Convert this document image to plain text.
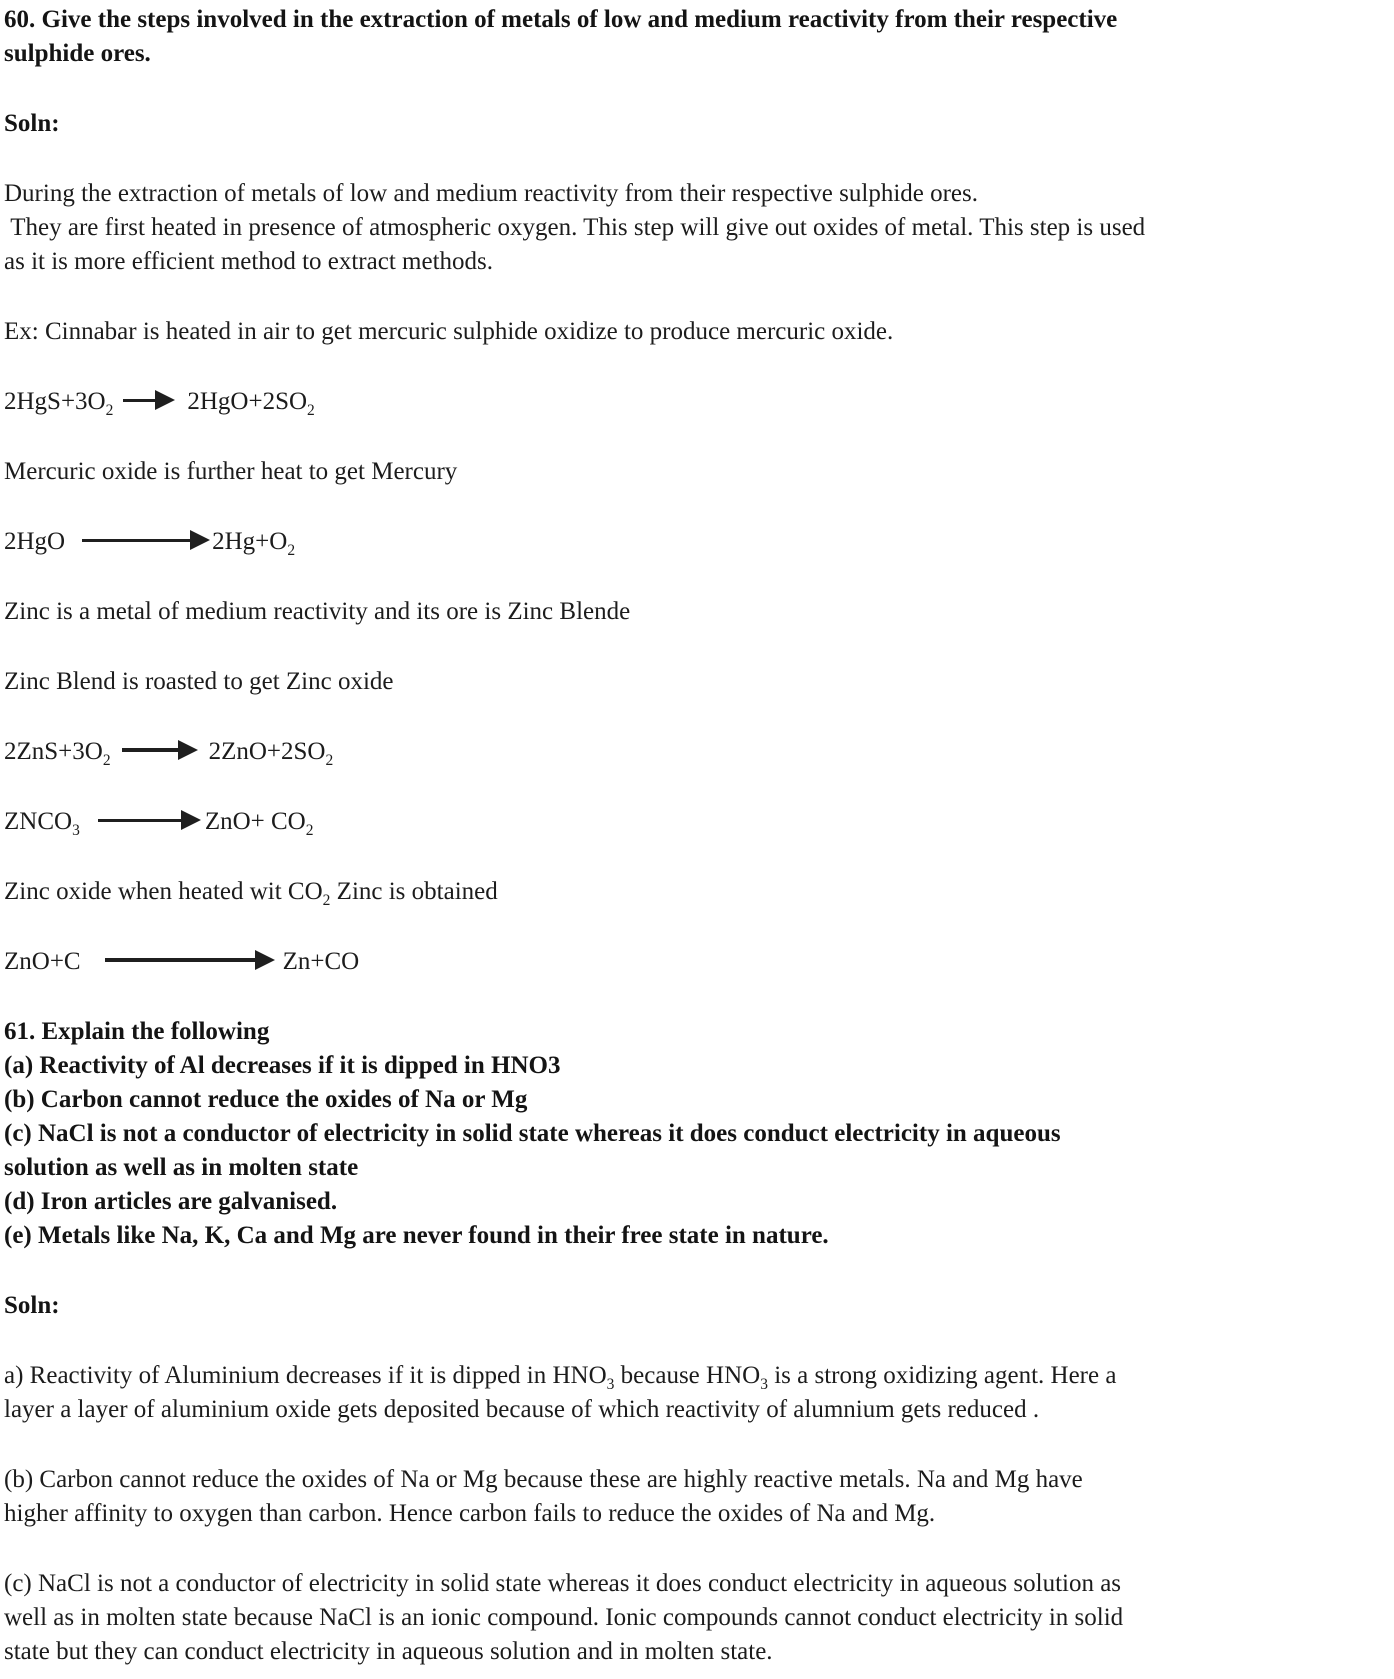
60. Give the steps involved in the extraction of metals of low and medium reactivity from their respective
sulphide ores.

Soln:

During the extraction of metals of low and medium reactivity from their respective sulphide ores.
They are first heated in presence of atmospheric oxygen. This step will give out oxides of metal. This step is used
as it is more efficient method to extract methods.

Ex: Cinnabar is heated in air to get mercuric sulphide oxidize to produce mercuric oxide.

$2HgS+3O_2$	$2HgO+2SO_2$

Mercuric oxide is further heat to get Mercury

2HgO	$2Hg+O_2$

Zinc is a metal of medium reactivity and its ore is Zinc Blende

Zinc Blend is roasted to get Zinc oxide

$2ZnS+3O_2$	$2ZnO+2SO_2$

$ZNCO_3$	$ZnO+ CO_2$

Zinc oxide when heated wit $CO_2$ Zinc is obtained

ZnO+C	Zn+CO

61. Explain the following
(a) Reactivity of Al decreases if it is dipped in HNO3
(b) Carbon cannot reduce the oxides of Na or Mg
(c) NaCl is not a conductor of electricity in solid state whereas it does conduct electricity in aqueous
solution as well as in molten state
(d) Iron articles are galvanised.
(e) Metals like Na, K, Ca and Mg are never found in their free state in nature.

Soln:

a) Reactivity of Aluminium decreases if it is dipped in $HNO_3$ because $HNO_3$ is a strong oxidizing agent. Here a
layer a layer of aluminium oxide gets deposited because of which reactivity of alumnium gets reduced .

(b) Carbon cannot reduce the oxides of Na or Mg because these are highly reactive metals. Na and Mg have
higher affinity to oxygen than carbon. Hence carbon fails to reduce the oxides of Na and Mg.

(c) NaCl is not a conductor of electricity in solid state whereas it does conduct electricity in aqueous solution as
well as in molten state because NaCl is an ionic compound. Ionic compounds cannot conduct electricity in solid
state but they can conduct electricity in aqueous solution and in molten state.
